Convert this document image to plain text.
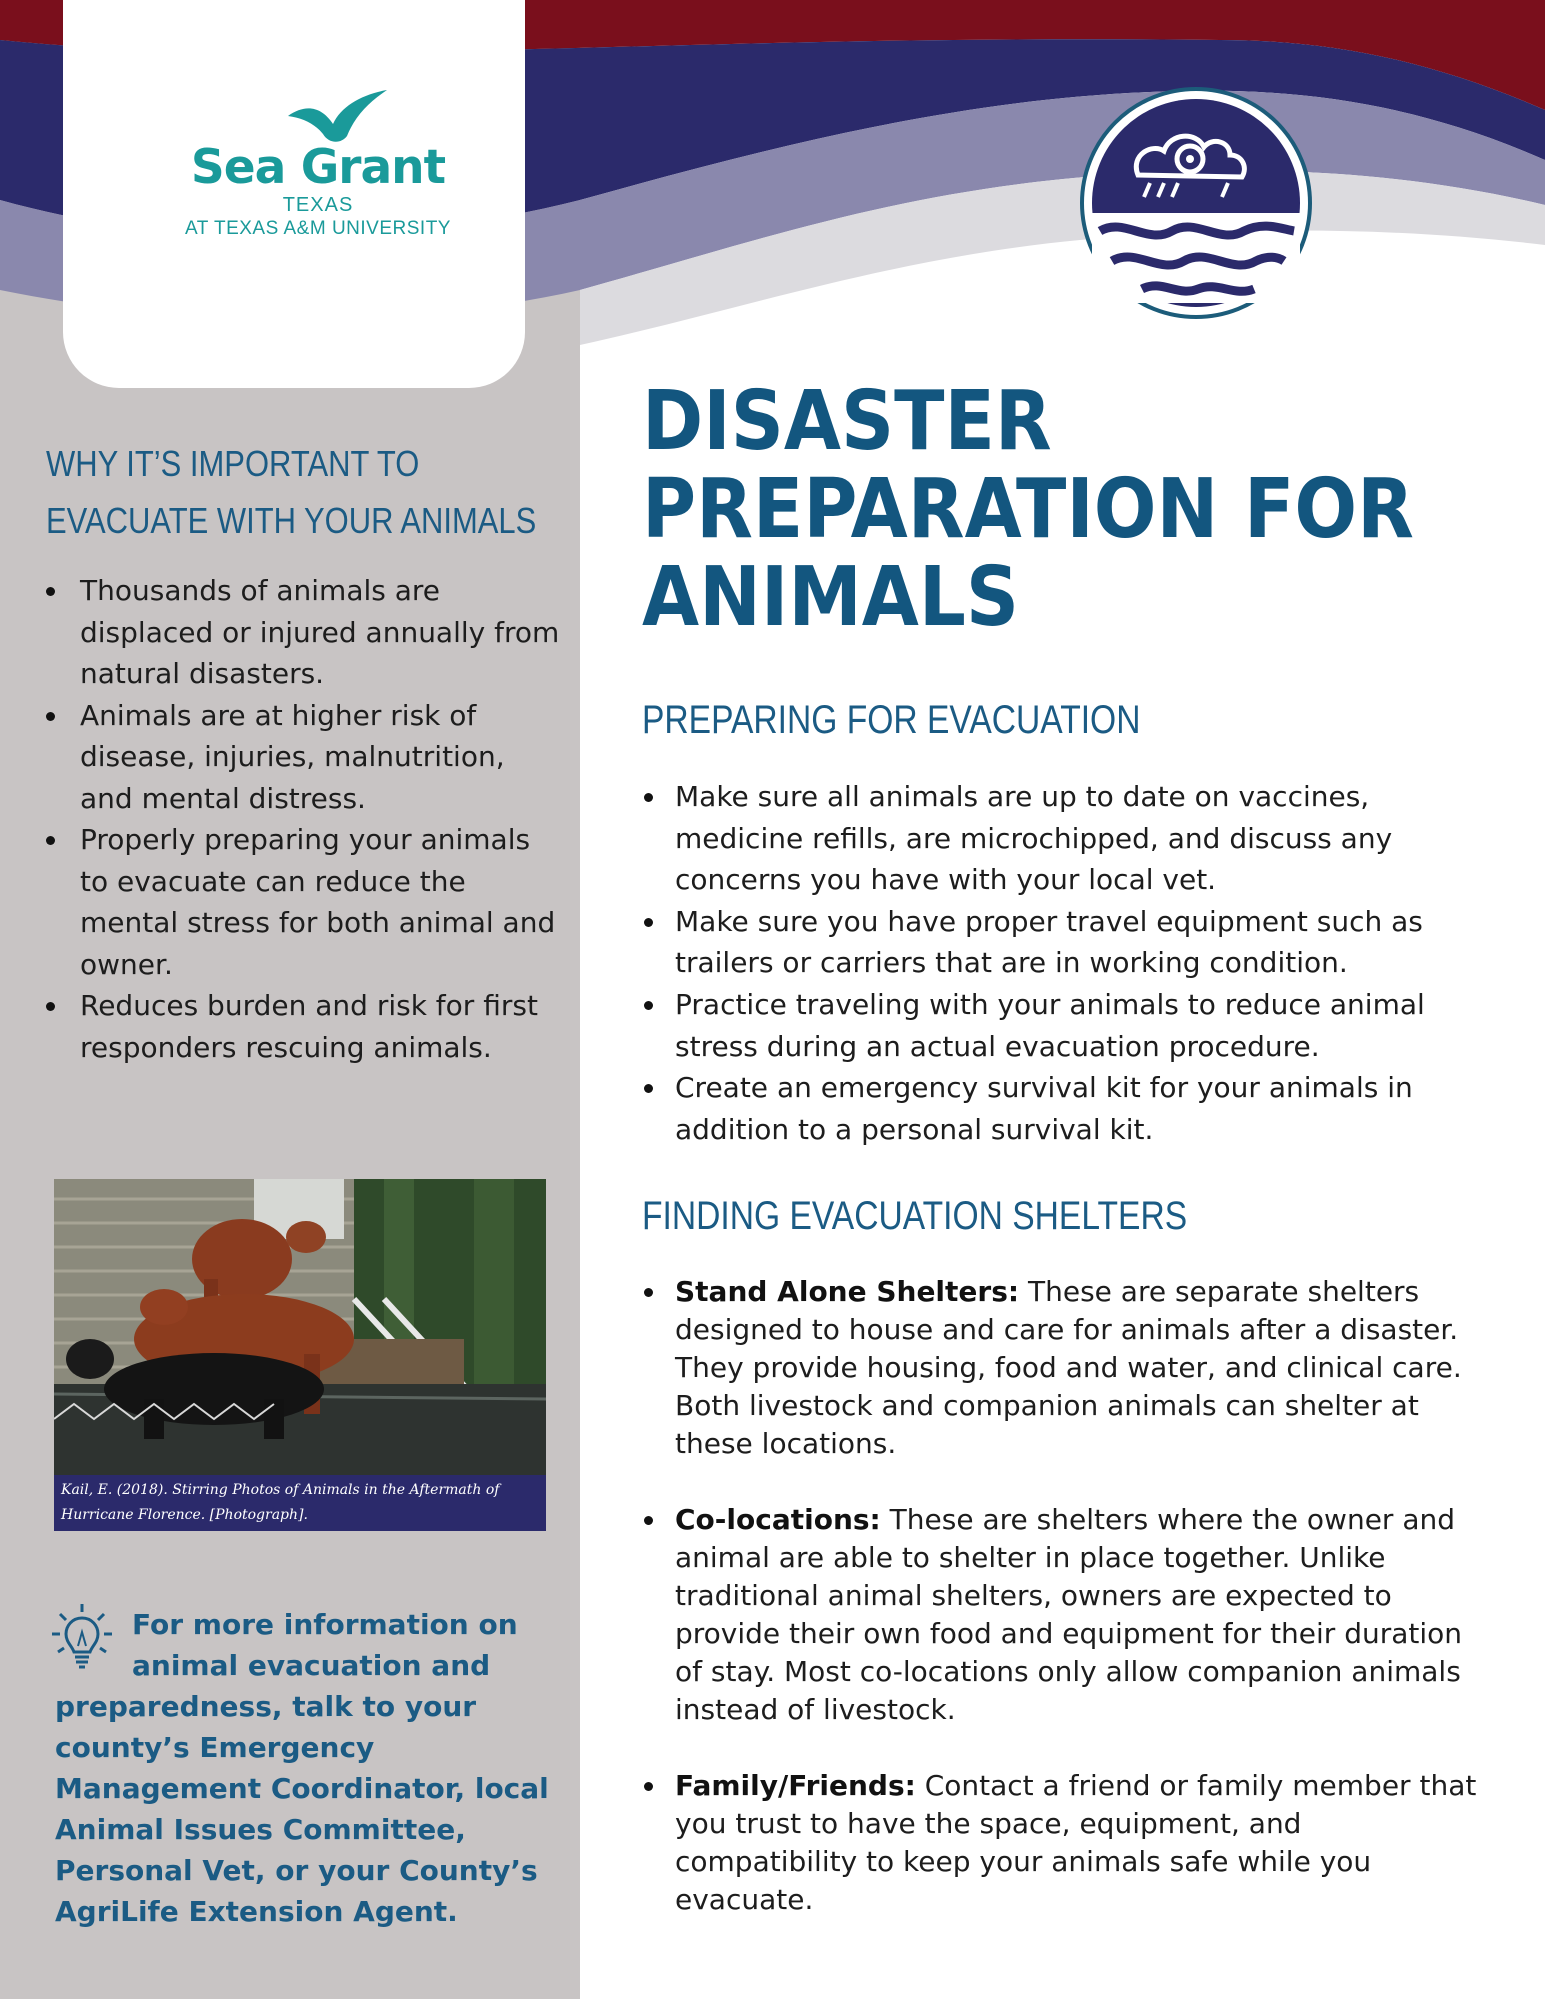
Sea Grant
TEXAS
AT TEXAS A&M UNIVERSITY
WHY IT’S IMPORTANT TO
EVACUATE WITH YOUR ANIMALS
Thousands of animals are displaced or injured annually from natural disasters.
Animals are at higher risk of disease, injuries, malnutrition, and mental distress.
Properly preparing your animals to evacuate can reduce the mental stress for both animal and owner.
Reduces burden and risk for first responders rescuing animals.
Kail, E. (2018). Stirring Photos of Animals in the Aftermath of
Hurricane Florence. [Photograph].
For more information on animal evacuation and preparedness, talk to your county’s Emergency Management Coordinator, local Animal Issues Committee, Personal Vet, or your County’s AgriLife Extension Agent.
DISASTER
PREPARATION FOR
ANIMALS
PREPARING FOR EVACUATION
Make sure all animals are up to date on vaccines, medicine refills, are microchipped, and discuss any concerns you have with your local vet.
Make sure you have proper travel equipment such as trailers or carriers that are in working condition.
Practice traveling with your animals to reduce animal stress during an actual evacuation procedure.
Create an emergency survival kit for your animals in addition to a personal survival kit.
FINDING EVACUATION SHELTERS
Stand Alone Shelters: These are separate shelters designed to house and care for animals after a disaster. They provide housing, food and water, and clinical care. Both livestock and companion animals can shelter at these locations.
Co-locations: These are shelters where the owner and animal are able to shelter in place together. Unlike traditional animal shelters, owners are expected to provide their own food and equipment for their duration of stay. Most co-locations only allow companion animals instead of livestock.
Family/Friends: Contact a friend or family member that you trust to have the space, equipment, and compatibility to keep your animals safe while you evacuate.
